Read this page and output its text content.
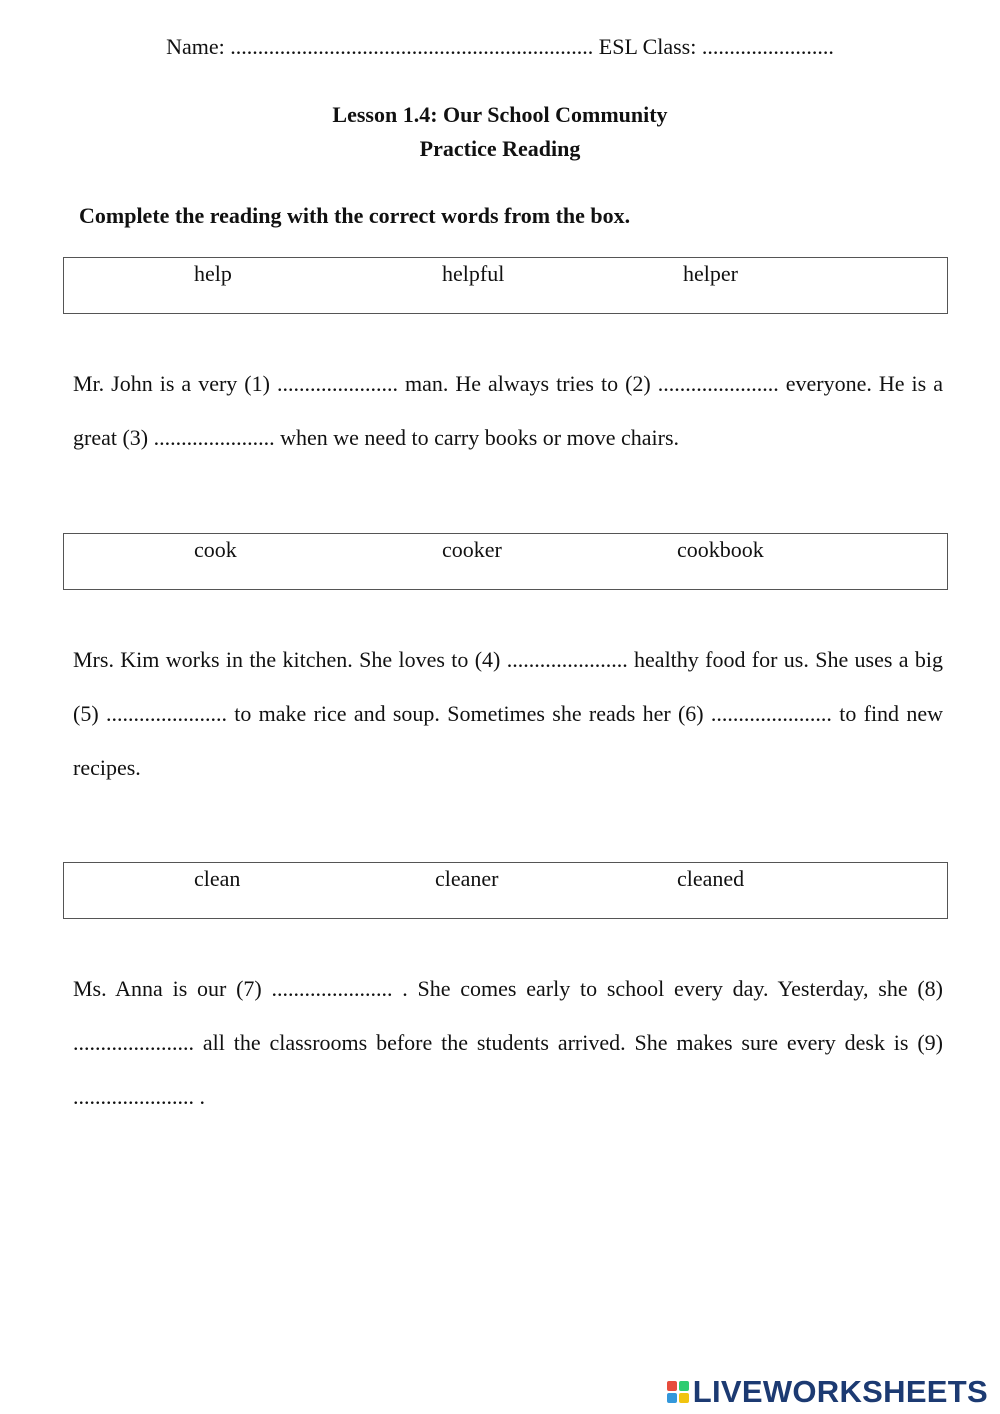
Name: .................................................................. ESL Class: ........................
Lesson 1.4: Our School Community
Practice Reading
Complete the reading with the correct words from the box.
help	helpful	helper

Mr. John is a very (1) ...................... man. He always tries to (2) ...................... everyone. He is a great (3) ...................... when we need to carry books or move chairs.

cook	cooker	cookbook

Mrs. Kim works in the kitchen. She loves to (4) ...................... healthy food for us. She uses a big (5) ...................... to make rice and soup. Sometimes she reads her (6) ...................... to find new recipes.

clean	cleaner	cleaned

Ms. Anna is our (7) ...................... . She comes early to school every day. Yesterday, she (8) ...................... all the classrooms before the students arrived. She makes sure every desk is (9) ...................... .

LIVEWORKSHEETS
